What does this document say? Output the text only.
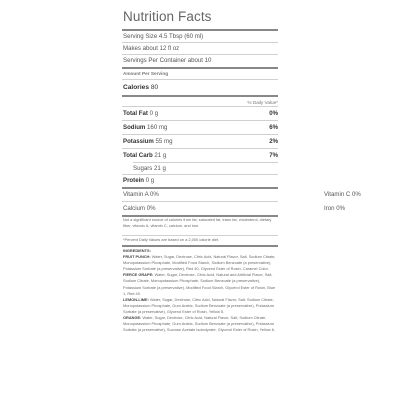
Nutrition Facts
Serving Size 4.5 Tbsp (60 ml)
Makes about 12 fl oz
Servings Per Container about 10
Amount Per Serving
Calories 80
% Daily Value*
Total Fat 0 g	0%
Sodium 160 mg	6%
Potassium 55 mg	2%
Total Carb 21 g	7%
Sugars 21 g
Protein 0 g
Vitamin A 0%	Vitamin C 0%
Calcium 0%	Iron 0%
Not a significant source of calories from fat, saturated fat, trans fat, cholesterol, dietary fiber, vitamin A, vitamin C, calcium, and iron.
*Percent Daily Values are based on a 2,000 calorie diet.
INGREDIENTS:
FRUIT PUNCH: Water, Sugar, Dextrose, Citric Acid, Natural Flavor, Salt, Sodium Citrate, Monopotassium Phosphate, Modified Food Starch, Sodium Benzoate (a preservative), Potassium Sorbate (a preservative), Red 40, Glycerol Ester of Rosin, Caramel Color.
FIERCE GRAPE: Water, Sugar, Dextrose, Citric Acid, Natural and Artificial Flavor, Salt, Sodium Citrate, Monopotassium Phosphate, Sodium Benzoate (a preservative), Potassium Sorbate (a preservative), Modified Food Starch, Glycerol Ester of Rosin, Blue 1, Red 40.
LEMON-LIME: Water, Sugar, Dextrose, Citric Acid, Natural Flavor, Salt, Sodium Citrate, Monopotassium Phosphate, Gum Arabic, Sodium Benzoate (a preservative), Potassium Sorbate (a preservative), Glycerol Ester of Rosin, Yellow 5.
ORANGE: Water, Sugar, Dextrose, Citric Acid, Natural Flavor, Salt, Sodium Citrate, Monopotassium Phosphate, Gum Arabic, Sodium Benzoate (a preservative), Potassium Sorbate (a preservative), Sucrose Acetate Isobutyrate, Glycerol Ester of Rosin, Yellow 6.
